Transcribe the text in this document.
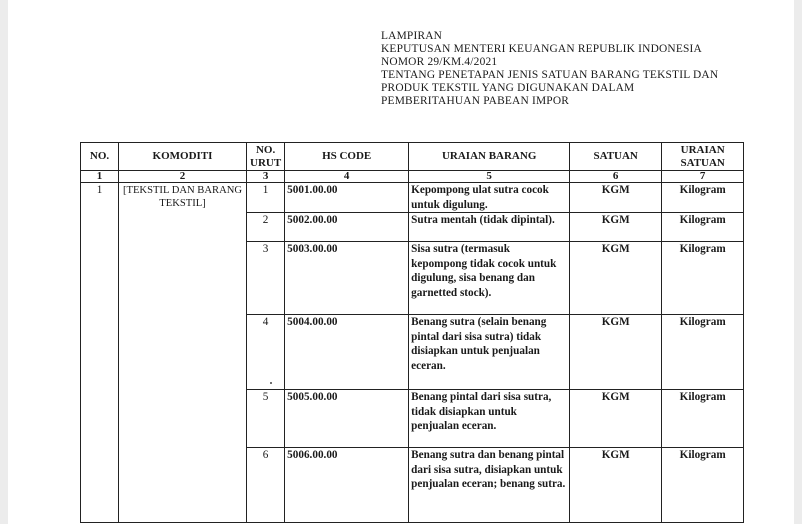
LAMPIRAN
KEPUTUSAN MENTERI KEUANGAN REPUBLIK INDONESIA
NOMOR 29/KM.4/2021
TENTANG PENETAPAN JENIS SATUAN BARANG TEKSTIL DAN
PRODUK TEKSTIL YANG DIGUNAKAN DALAM
PEMBERITAHUAN PABEAN IMPOR
NO.	KOMODITI	NO. URUT	HS CODE	URAIAN BARANG	SATUAN	URAIAN SATUAN
1	2	3	4	5	6	7
1	[TEKSTIL DAN BARANG TEKSTIL]	1	5001.00.00	Kepompong ulat sutra cocok untuk digulung.	KGM	Kilogram
		2	5002.00.00	Sutra mentah (tidak dipintal).	KGM	Kilogram
		3	5003.00.00	Sisa sutra (termasuk kepompong tidak cocok untuk digulung, sisa benang dan garnetted stock).	KGM	Kilogram
		4	5004.00.00	Benang sutra (selain benang pintal dari sisa sutra) tidak disiapkan untuk penjualan eceran.	KGM	Kilogram
		5	5005.00.00	Benang pintal dari sisa sutra, tidak disiapkan untuk penjualan eceran.	KGM	Kilogram
		6	5006.00.00	Benang sutra dan benang pintal dari sisa sutra, disiapkan untuk penjualan eceran; benang sutra.	KGM	Kilogram
